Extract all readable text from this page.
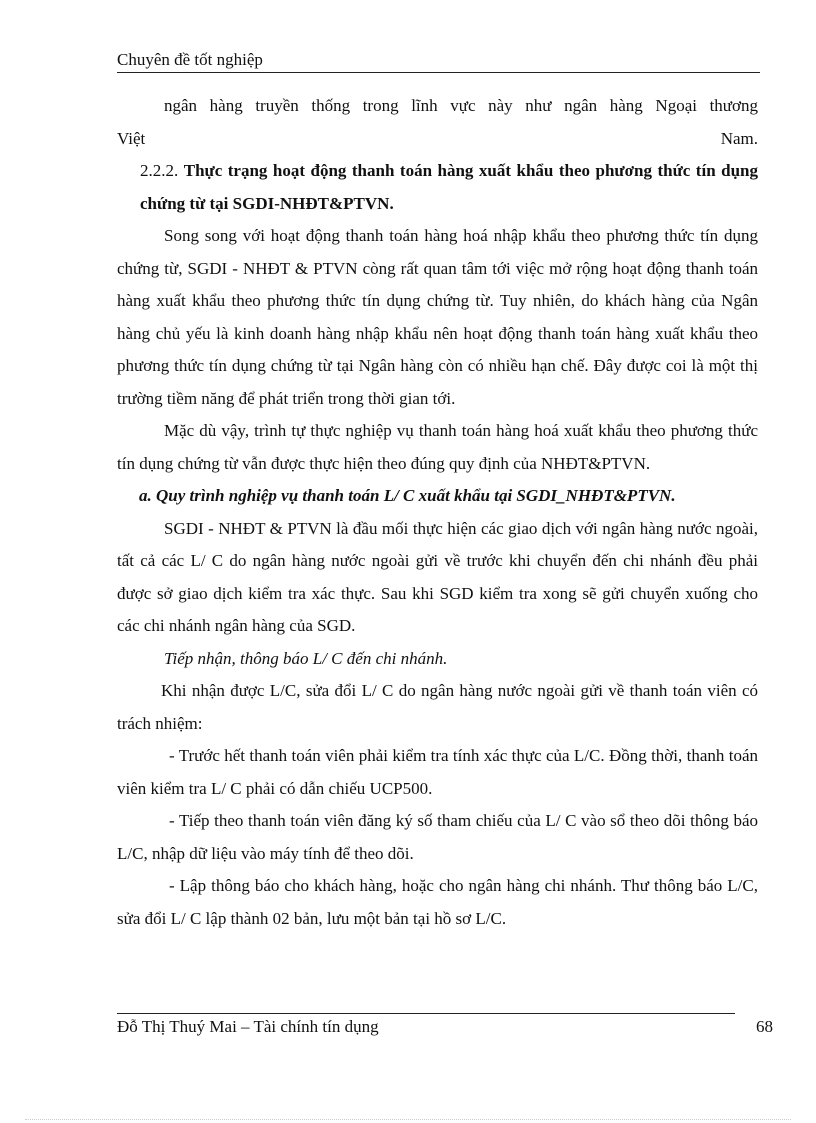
Chuyên đề tốt nghiệp

ngân hàng truyền thống trong lĩnh vực này như ngân hàng Ngoại thương

Việt	Nam.

2.2.2. Thực trạng hoạt động thanh toán hàng xuất khẩu theo phương thức tín dụng chứng từ tại SGDI-NHĐT&PTVN.

Song song với hoạt động thanh toán hàng hoá nhập khẩu theo phương thức tín dụng chứng từ, SGDI - NHĐT & PTVN còng rất quan tâm tới việc mở rộng hoạt động thanh toán hàng xuất khẩu theo phương thức tín dụng chứng từ. Tuy nhiên, do khách hàng của Ngân hàng chủ yếu là kinh doanh hàng nhập khẩu nên hoạt động thanh toán hàng xuất khẩu theo phương thức tín dụng chứng từ tại Ngân hàng còn có nhiều hạn chế. Đây được coi là một thị trường tiềm năng để phát triển trong thời gian tới.

Mặc dù vậy, trình tự thực nghiệp vụ thanh toán hàng hoá xuất khẩu theo phương thức tín dụng chứng từ vẫn được thực hiện theo đúng quy định của NHĐT&PTVN.

a. Quy trình nghiệp vụ thanh toán L/ C xuất khẩu tại SGDI_NHĐT&PTVN.

SGDI - NHĐT & PTVN là đầu mối thực hiện các giao dịch với ngân hàng nước ngoài, tất cả các L/ C do ngân hàng nước ngoài gửi về trước khi chuyển đến chi nhánh đều phải được sở giao dịch kiểm tra xác thực. Sau khi SGD kiểm tra xong sẽ gửi chuyển xuống cho các chi nhánh ngân hàng của SGD.

Tiếp nhận, thông báo L/ C đến chi nhánh.

Khi nhận được L/C, sửa đổi L/ C do ngân hàng nước ngoài gửi về thanh toán viên có trách nhiệm:

- Trước hết thanh toán viên phải kiểm tra tính xác thực của L/C. Đồng thời, thanh toán viên kiểm tra L/ C phải có dẫn chiếu UCP500.

- Tiếp theo thanh toán viên đăng ký số tham chiếu của L/ C vào sổ theo dõi thông báo L/C, nhập dữ liệu vào máy tính để theo dõi.

- Lập thông báo cho khách hàng, hoặc cho ngân hàng chi nhánh. Thư thông báo L/C, sửa đổi L/ C lập thành 02 bản, lưu một bản tại hồ sơ L/C.

Đỗ Thị Thuý Mai – Tài chính tín dụng	68
